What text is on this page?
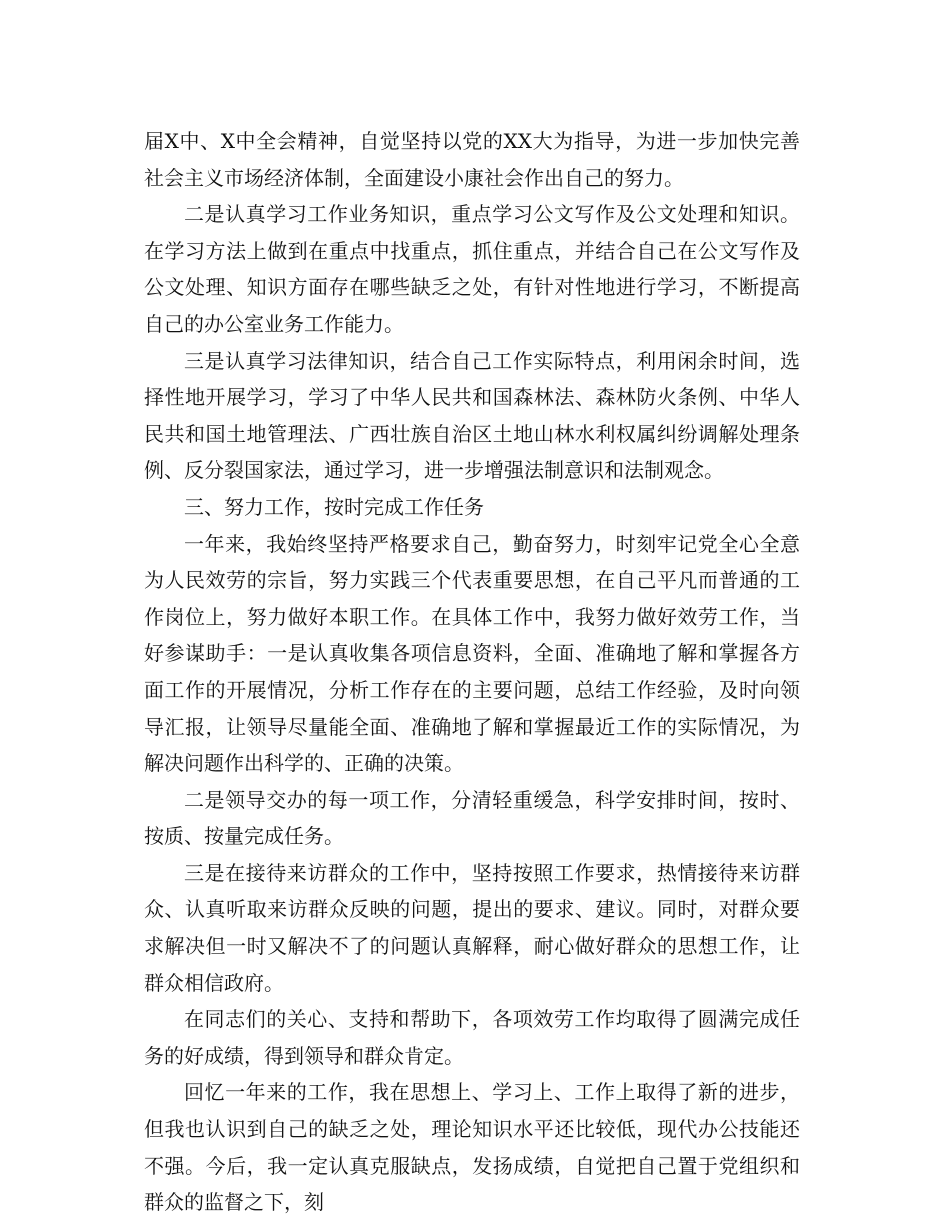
届X中、X中全会精神，自觉坚持以党的XX大为指导，为进一步加快完善社会主义市场经济体制，全面建设小康社会作出自己的努力。

二是认真学习工作业务知识，重点学习公文写作及公文处理和知识。在学习方法上做到在重点中找重点，抓住重点，并结合自己在公文写作及公文处理、知识方面存在哪些缺乏之处，有针对性地进行学习，不断提高自己的办公室业务工作能力。

三是认真学习法律知识，结合自己工作实际特点，利用闲余时间，选择性地开展学习，学习了中华人民共和国森林法、森林防火条例、中华人民共和国土地管理法、广西壮族自治区土地山林水利权属纠纷调解处理条例、反分裂国家法，通过学习，进一步增强法制意识和法制观念。

三、努力工作，按时完成工作任务

一年来，我始终坚持严格要求自己，勤奋努力，时刻牢记党全心全意为人民效劳的宗旨，努力实践三个代表重要思想，在自己平凡而普通的工作岗位上，努力做好本职工作。在具体工作中，我努力做好效劳工作，当好参谋助手：一是认真收集各项信息资料，全面、准确地了解和掌握各方面工作的开展情况，分析工作存在的主要问题，总结工作经验，及时向领导汇报，让领导尽量能全面、准确地了解和掌握最近工作的实际情况，为解决问题作出科学的、正确的决策。

二是领导交办的每一项工作，分清轻重缓急，科学安排时间，按时、按质、按量完成任务。

三是在接待来访群众的工作中，坚持按照工作要求，热情接待来访群众、认真听取来访群众反映的问题，提出的要求、建议。同时，对群众要求解决但一时又解决不了的问题认真解释，耐心做好群众的思想工作，让群众相信政府。

在同志们的关心、支持和帮助下，各项效劳工作均取得了圆满完成任务的好成绩，得到领导和群众肯定。

回忆一年来的工作，我在思想上、学习上、工作上取得了新的进步，但我也认识到自己的缺乏之处，理论知识水平还比较低，现代办公技能还不强。今后，我一定认真克服缺点，发扬成绩，自觉把自己置于党组织和群众的监督之下，刻
